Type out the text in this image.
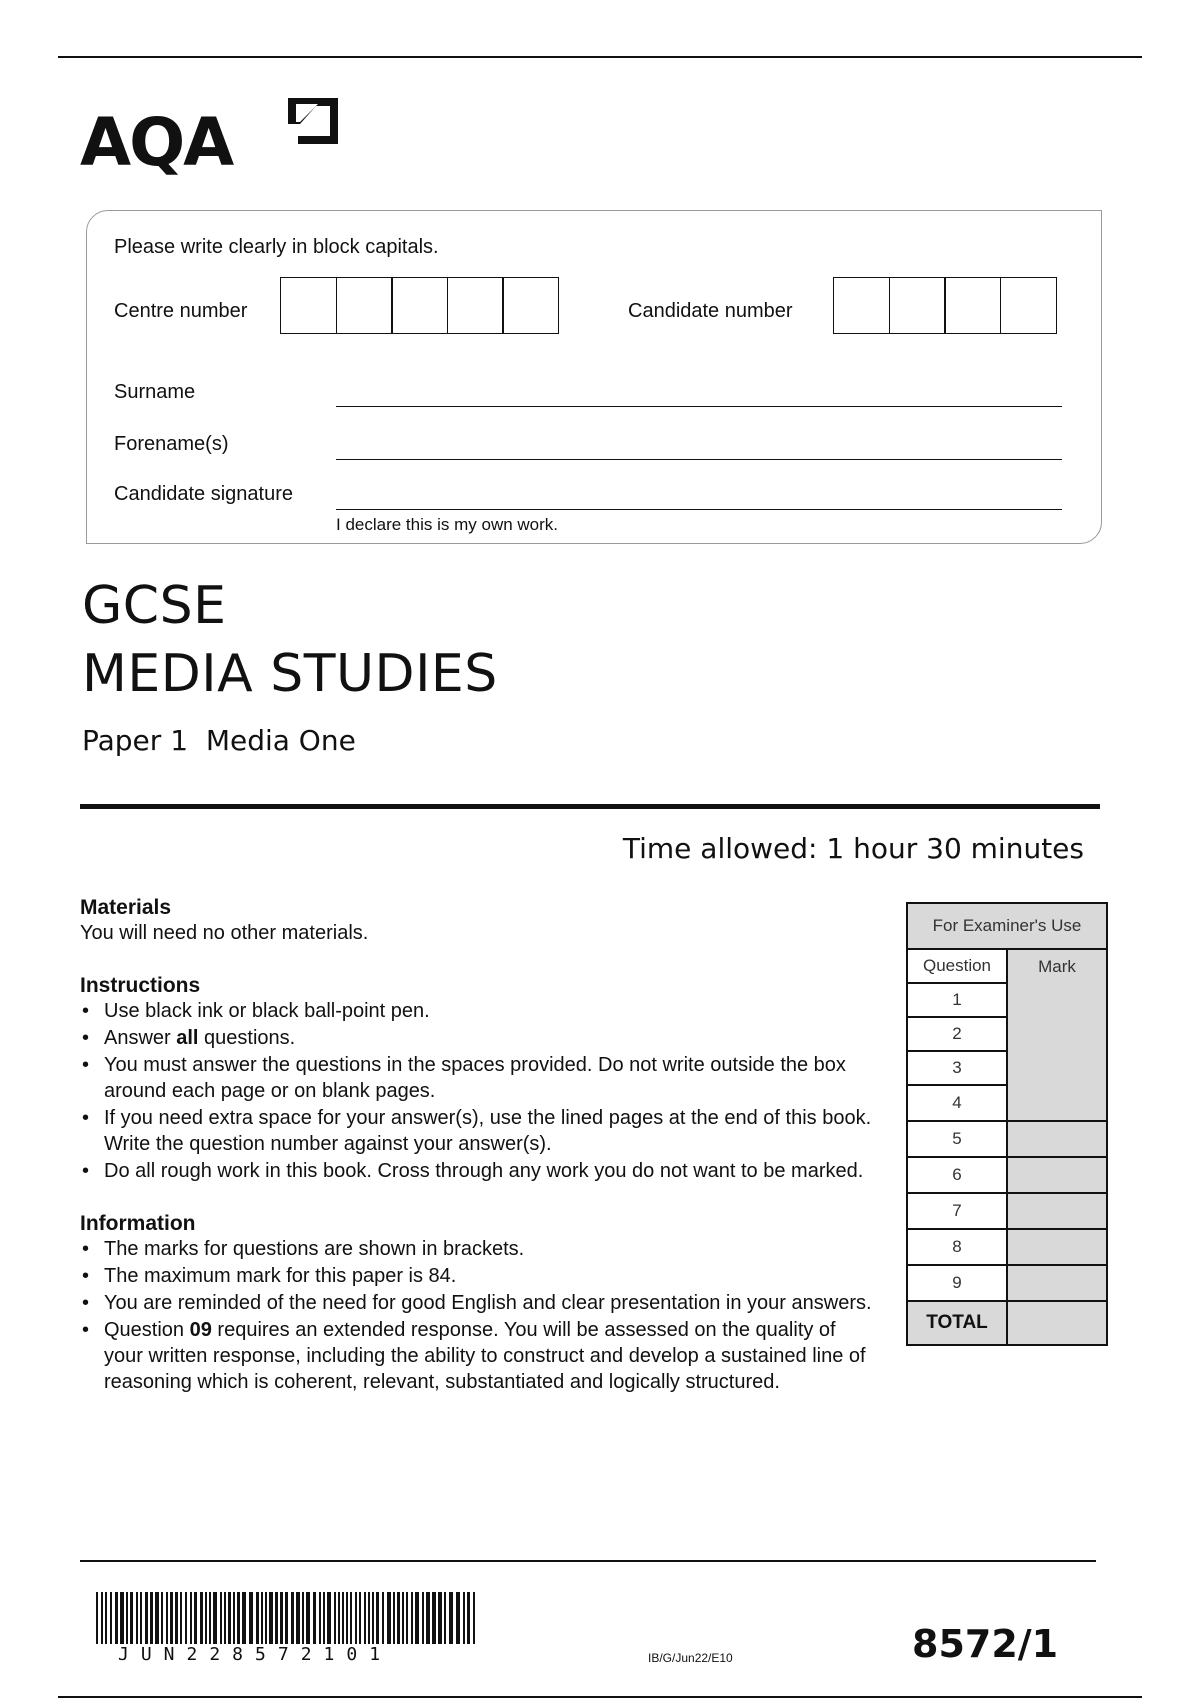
AQA
Please write clearly in block capitals.
Centre number	Candidate number
Surname
Forename(s)
Candidate signature
I declare this is my own work.
GCSE
MEDIA STUDIES
Paper 1  Media One
Time allowed: 1 hour 30 minutes
Materials
You will need no other materials.
Instructions
• Use black ink or black ball-point pen.
• Answer all questions.
• You must answer the questions in the spaces provided. Do not write outside the box around each page or on blank pages.
• If you need extra space for your answer(s), use the lined pages at the end of this book. Write the question number against your answer(s).
• Do all rough work in this book. Cross through any work you do not want to be marked.
Information
• The marks for questions are shown in brackets.
• The maximum mark for this paper is 84.
• You are reminded of the need for good English and clear presentation in your answers.
• Question 09 requires an extended response. You will be assessed on the quality of your written response, including the ability to construct and develop a sustained line of reasoning which is coherent, relevant, substantiated and logically structured.
For Examiner's Use
Question	Mark
1
2
3
4
5
6
7
8
9
TOTAL
JUN228572101	IB/G/Jun22/E10	8572/1
